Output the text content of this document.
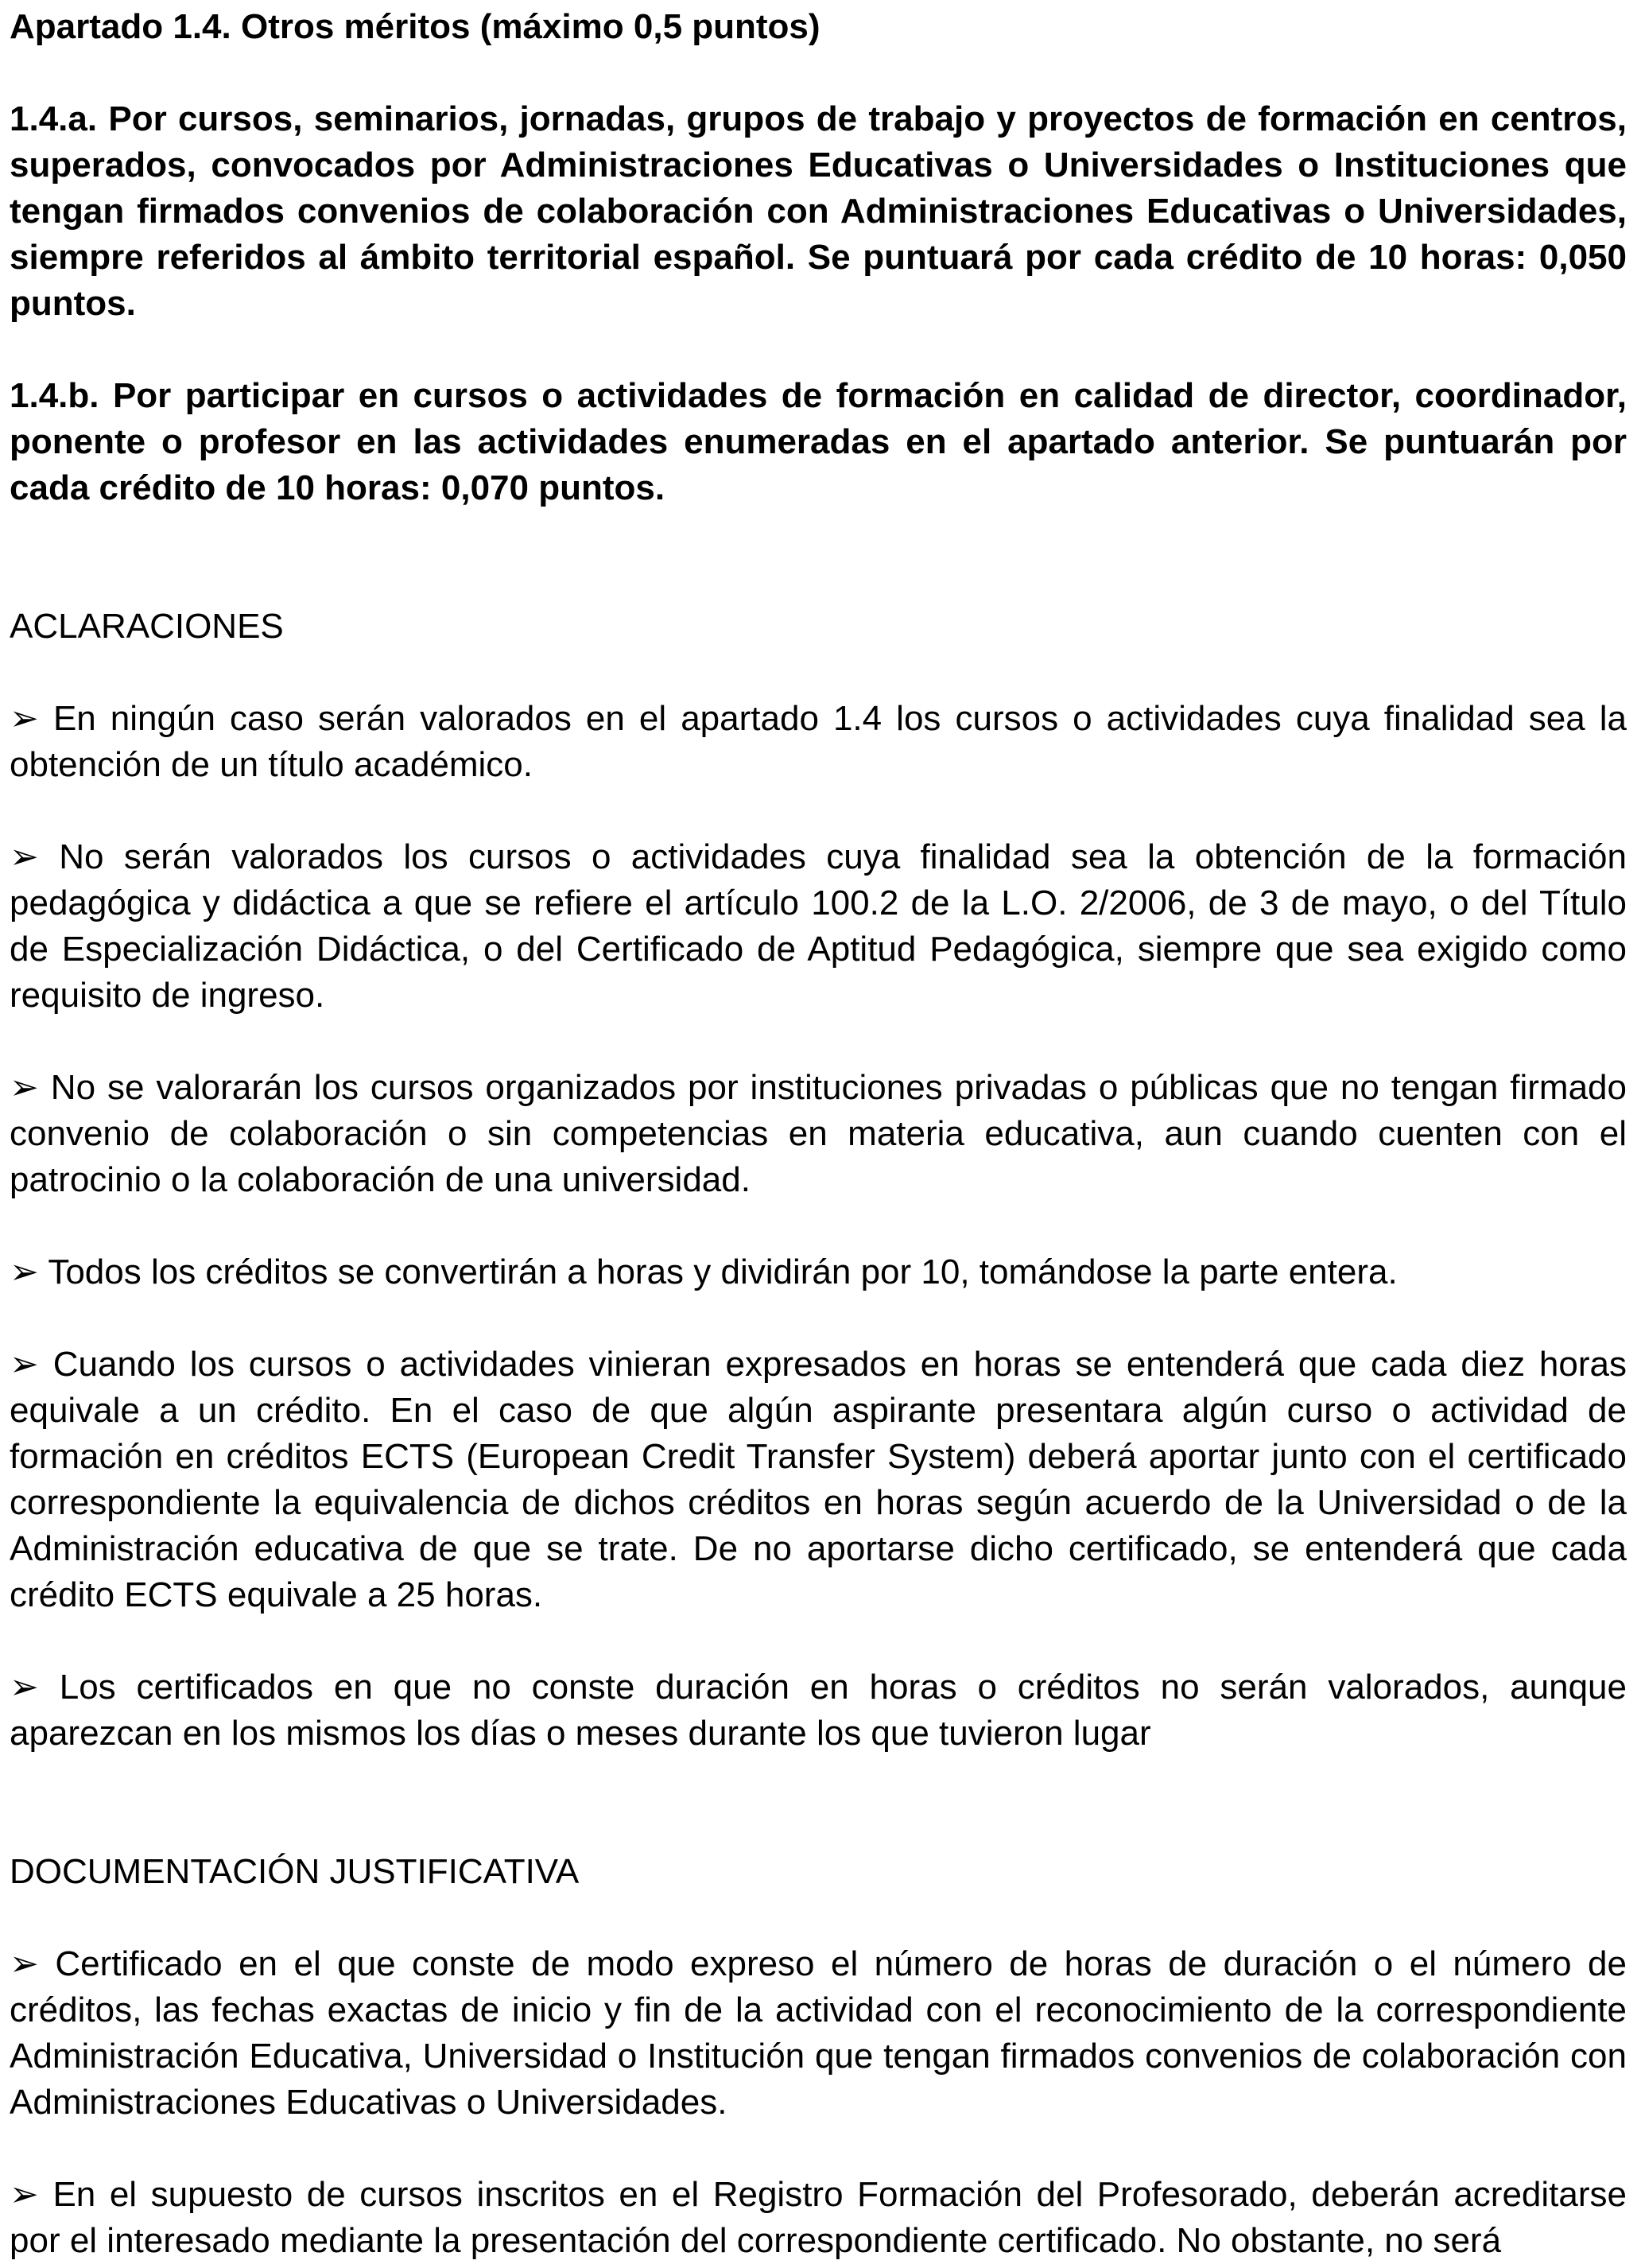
Apartado 1.4. Otros méritos (máximo 0,5 puntos)

1.4.a. Por cursos, seminarios, jornadas, grupos de trabajo y proyectos de formación en centros, superados, convocados por Administraciones Educativas o Universidades o Instituciones que tengan firmados convenios de colaboración con Administraciones Educativas o Universidades, siempre referidos al ámbito territorial español. Se puntuará por cada crédito de 10 horas: 0,050 puntos.

1.4.b. Por participar en cursos o actividades de formación en calidad de director, coordinador, ponente o profesor en las actividades enumeradas en el apartado anterior. Se puntuarán por cada crédito de 10 horas: 0,070 puntos.

ACLARACIONES

➢ En ningún caso serán valorados en el apartado 1.4 los cursos o actividades cuya finalidad sea la obtención de un título académico.

➢ No serán valorados los cursos o actividades cuya finalidad sea la obtención de la formación pedagógica y didáctica a que se refiere el artículo 100.2 de la L.O. 2/2006, de 3 de mayo, o del Título de Especialización Didáctica, o del Certificado de Aptitud Pedagógica, siempre que sea exigido como requisito de ingreso.

➢ No se valorarán los cursos organizados por instituciones privadas o públicas que no tengan firmado convenio de colaboración o sin competencias en materia educativa, aun cuando cuenten con el patrocinio o la colaboración de una universidad.

➢ Todos los créditos se convertirán a horas y dividirán por 10, tomándose la parte entera.

➢ Cuando los cursos o actividades vinieran expresados en horas se entenderá que cada diez horas equivale a un crédito. En el caso de que algún aspirante presentara algún curso o actividad de formación en créditos ECTS (European Credit Transfer System) deberá aportar junto con el certificado correspondiente la equivalencia de dichos créditos en horas según acuerdo de la Universidad o de la Administración educativa de que se trate. De no aportarse dicho certificado, se entenderá que cada crédito ECTS equivale a 25 horas.

➢ Los certificados en que no conste duración en horas o créditos no serán valorados, aunque aparezcan en los mismos los días o meses durante los que tuvieron lugar

DOCUMENTACIÓN JUSTIFICATIVA

➢ Certificado en el que conste de modo expreso el número de horas de duración o el número de créditos, las fechas exactas de inicio y fin de la actividad con el reconocimiento de la correspondiente Administración Educativa, Universidad o Institución que tengan firmados convenios de colaboración con Administraciones Educativas o Universidades.

➢ En el supuesto de cursos inscritos en el Registro Formación del Profesorado, deberán acreditarse por el interesado mediante la presentación del correspondiente certificado. No obstante, no será
